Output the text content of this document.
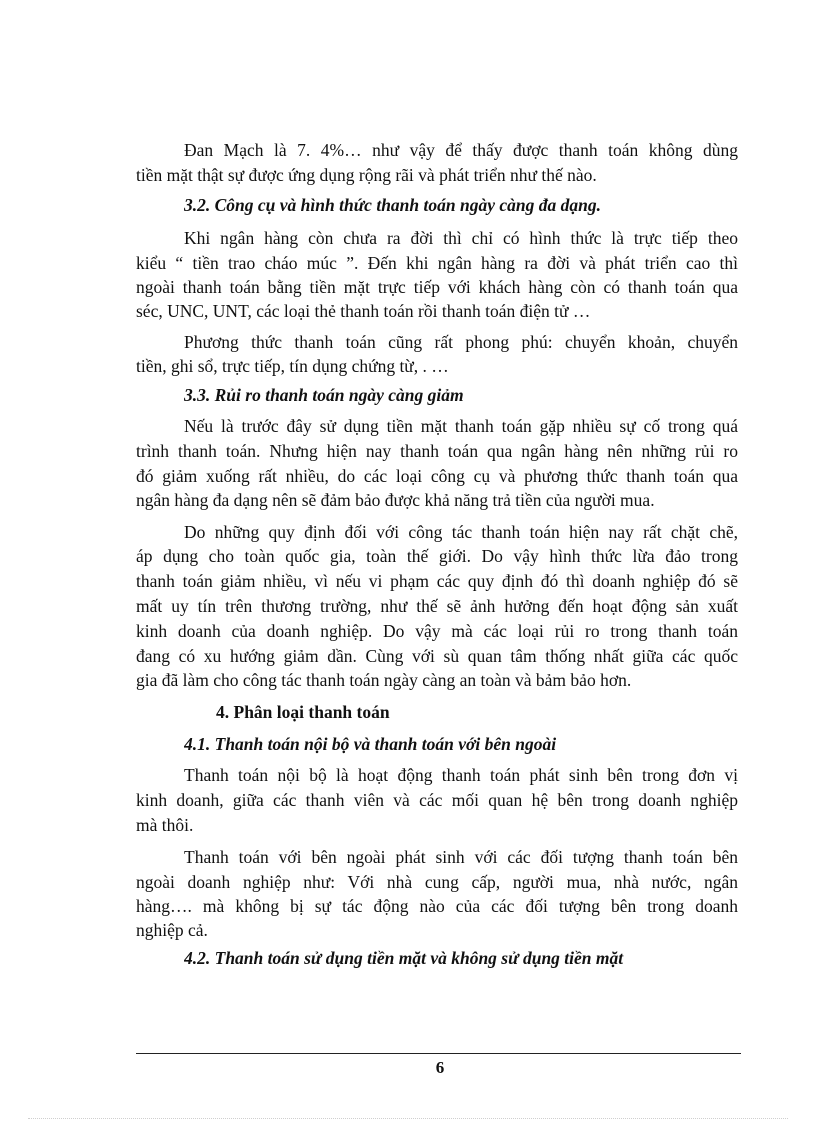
Đan Mạch là 7. 4%… như vậy để thấy được thanh toán không dùng
tiền mặt thật sự được ứng dụng rộng rãi và phát triển như thế nào.
3.2. Công cụ và hình thức thanh toán ngày càng đa dạng.
Khi ngân hàng còn chưa ra đời thì chỉ có hình thức là trực tiếp theo
kiểu “ tiền trao cháo múc ”. Đến khi ngân hàng ra đời và phát triển cao thì
ngoài thanh toán bằng tiền mặt trực tiếp với khách hàng còn có thanh toán qua
séc, UNC, UNT, các loại thẻ thanh toán rồi thanh toán điện tử …
Phương thức thanh toán cũng rất phong phú: chuyển khoản, chuyển
tiền, ghi sổ, trực tiếp, tín dụng chứng từ, . …
3.3. Rủi ro thanh toán ngày càng giảm
Nếu là trước đây sử dụng tiền mặt thanh toán gặp nhiều sự cố trong quá
trình thanh toán. Nhưng hiện nay thanh toán qua ngân hàng nên những rủi ro
đó giảm xuống rất nhiều, do các loại công cụ và phương thức thanh toán qua
ngân hàng đa dạng nên sẽ đảm bảo được khả năng trả tiền của người mua.
Do những quy định đối với công tác thanh toán hiện nay rất chặt chẽ,
áp dụng cho toàn quốc gia, toàn thế giới. Do vậy hình thức lừa đảo trong
thanh toán giảm nhiều, vì nếu vi phạm các quy định đó thì doanh nghiệp đó sẽ
mất uy tín trên thương trường, như thế sẽ ảnh hưởng đến hoạt động sản xuất
kinh doanh của doanh nghiệp. Do vậy mà các loại rủi ro trong thanh toán
đang có xu hướng giảm dần. Cùng với sù quan tâm thống nhất giữa các quốc
gia đã làm cho công tác thanh toán ngày càng an toàn và bảm bảo hơn.
4. Phân loại thanh toán
4.1. Thanh toán nội bộ và thanh toán với bên ngoài
Thanh toán nội bộ là hoạt động thanh toán phát sinh bên trong đơn vị
kinh doanh, giữa các thanh viên và các mối quan hệ bên trong doanh nghiệp
mà thôi.
Thanh toán với bên ngoài phát sinh với các đối tượng thanh toán bên
ngoài doanh nghiệp như: Với nhà cung cấp, người mua, nhà nước, ngân
hàng…. mà không bị sự tác động nào của các đối tượng bên trong doanh
nghiệp cả.
4.2. Thanh toán sử dụng tiền mặt và không sử dụng tiền mặt
6
